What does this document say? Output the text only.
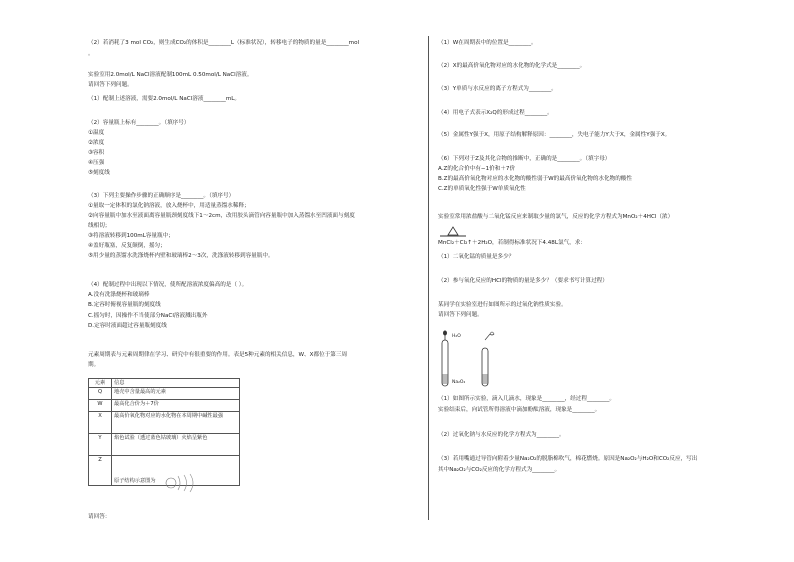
（2）若消耗了3 mol CO₂，则生成CO₂的体积是________L（标准状况），转移电子的物质的量是________mol

。

实验室用2.0mol/L NaCl溶液配制100mL 0.50mol/L NaCl溶液。

请回答下列问题。

（1）配制上述溶液，需要2.0mol/L NaCl溶液________mL。

（2）容量瓶上标有________。（填序号）

①温度

②浓度

③容积

④压强

⑤刻度线

（3）下列主要操作步骤的正确顺序是________。（填序号）

①量取一定体积的氯化钠溶液，放入烧杯中，用适量蒸馏水稀释；

②向容量瓶中加水至液面离容量瓶颈刻度线下1～2cm，改用胶头滴管向容量瓶中加入蒸馏水至凹液面与刻度

线相切；

③将溶液转移到100mL容量瓶中；

④盖好瓶塞，反复颠倒，摇匀；

⑤用少量的蒸馏水洗涤烧杯内壁和玻璃棒2～3次，洗涤液转移到容量瓶中。

（4）配制过程中出现以下情况，使所配溶液浓度偏高的是（ ）。

A.没有洗涤烧杯和玻璃棒

B.定容时俯视容量瓶的刻度线

C.摇匀时，因操作不当使部分NaCl溶液溅出瓶外

D.定容时液面超过容量瓶刻度线

元素周期表与元素周期律在学习、研究中有很重要的作用。表是5种元素的相关信息，W、X都位于第三周

期。

请回答：

（1）W在周期表中的位置是________。

（2）X的最高价氧化物对应的水化物的化学式是________。

（3）Y单质与水反应的离子方程式为________。

（4）用电子式表示X₂Q的形成过程________。

（5）金属性Y强于X，用原子结构解释原因：________，失电子能力Y大于X，金属性Y强于X。

（6）下列对于Z及其化合物的推断中，正确的是________。（填字母）

A.Z的化合价中有−1价和＋7价

B.Z的最高价氧化物对应的水化物的酸性弱于W的最高价氧化物的水化物的酸性

C.Z的单质氧化性强于W单质氧化性

实验室常用浓盐酸与二氧化锰反应来制取少量的氯气，反应的化学方程式为MnO₂＋4HCl（浓）

MnCl₂＋Cl₂↑＋2H₂O，若制得标准状况下4.48L氯气，求：

（1）二氧化锰的质量是多少？

（2）参与氧化反应的HCl的物质的量是多少？（要求书写计算过程）

某同学在实验室进行如图所示的过氧化钠性质实验。

请回答下列问题。

（1）如图所示实验，滴入几滴水，现象是________，经过程________。

实验结束后，向试管所得溶液中滴加酚酞溶液，现象是________。

（2）过氧化钠与水反应的化学方程式为________。

（3）若用嘴通过导管向附着少量Na₂O₂的脱脂棉吹气，棉花燃烧。原因是Na₂O₂与H₂O和CO₂反应，写出

其中Na₂O₂与CO₂反应的化学方程式为________。

元素	信息
Q	地壳中含量最高的元素
W	最高化合价为＋7价
X	最高价氧化物对应的水化物在本周期中碱性最强
Y	焰色试验（透过蓝色钴玻璃）火焰呈紫色
Z	原子结构示意图为

H₂O

Na₂O₂
